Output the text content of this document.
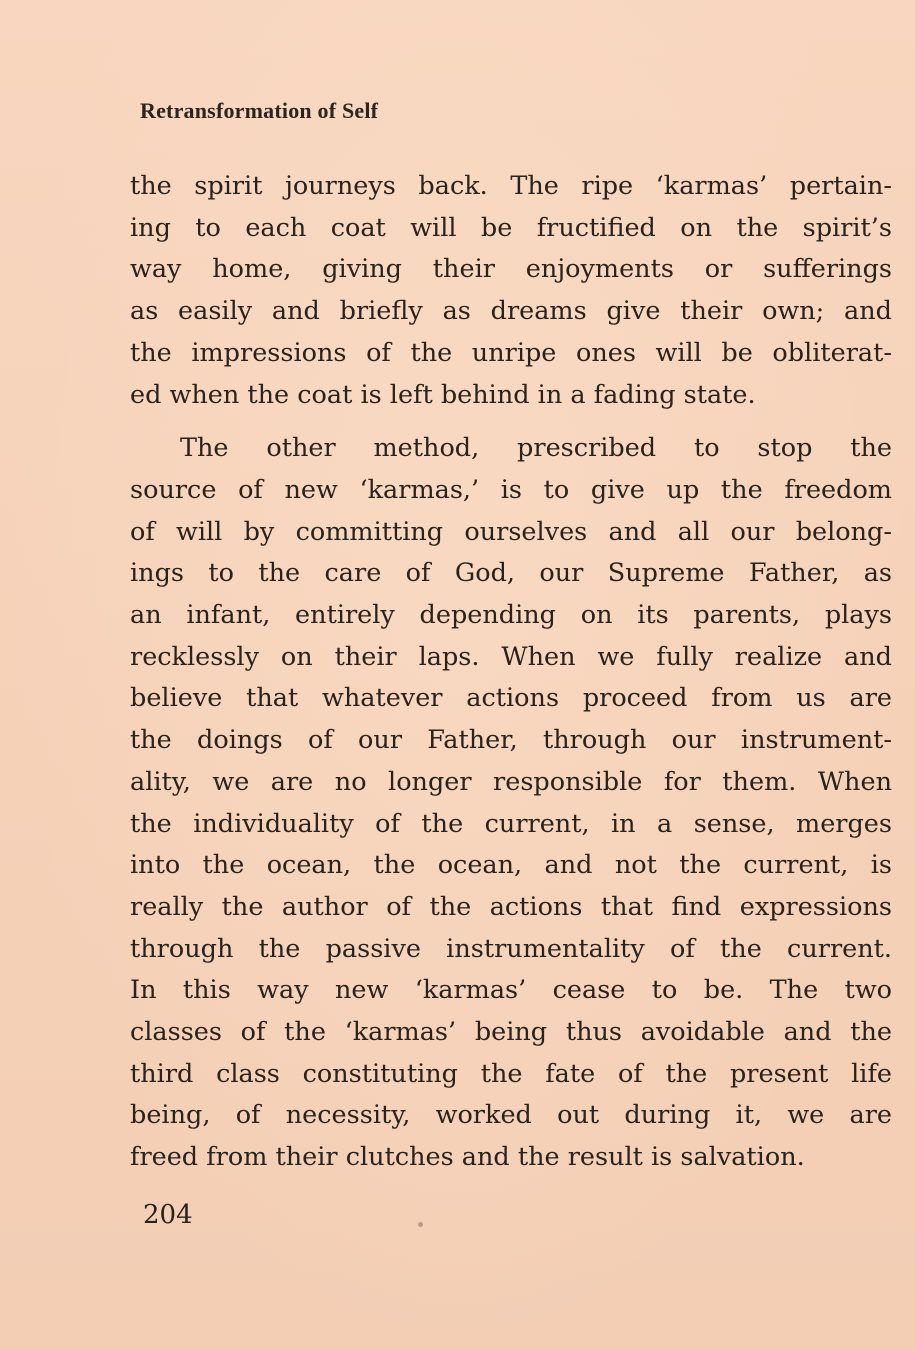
Retransformation of Self

the spirit journeys back. The ripe ‘karmas’ pertain-
ing to each coat will be fructified on the spirit’s
way home, giving their enjoyments or sufferings
as easily and briefly as dreams give their own; and
the impressions of the unripe ones will be obliterat-
ed when the coat is left behind in a fading state.

The other method, prescribed to stop the
source of new ‘karmas,’ is to give up the freedom
of will by committing ourselves and all our belong-
ings to the care of God, our Supreme Father, as
an infant, entirely depending on its parents, plays
recklessly on their laps. When we fully realize and
believe that whatever actions proceed from us are
the doings of our Father, through our instrument-
ality, we are no longer responsible for them. When
the individuality of the current, in a sense, merges
into the ocean, the ocean, and not the current, is
really the author of the actions that find expressions
through the passive instrumentality of the current.
In this way new ‘karmas’ cease to be. The two
classes of the ‘karmas’ being thus avoidable and the
third class constituting the fate of the present life
being, of necessity, worked out during it, we are
freed from their clutches and the result is salvation.

204
